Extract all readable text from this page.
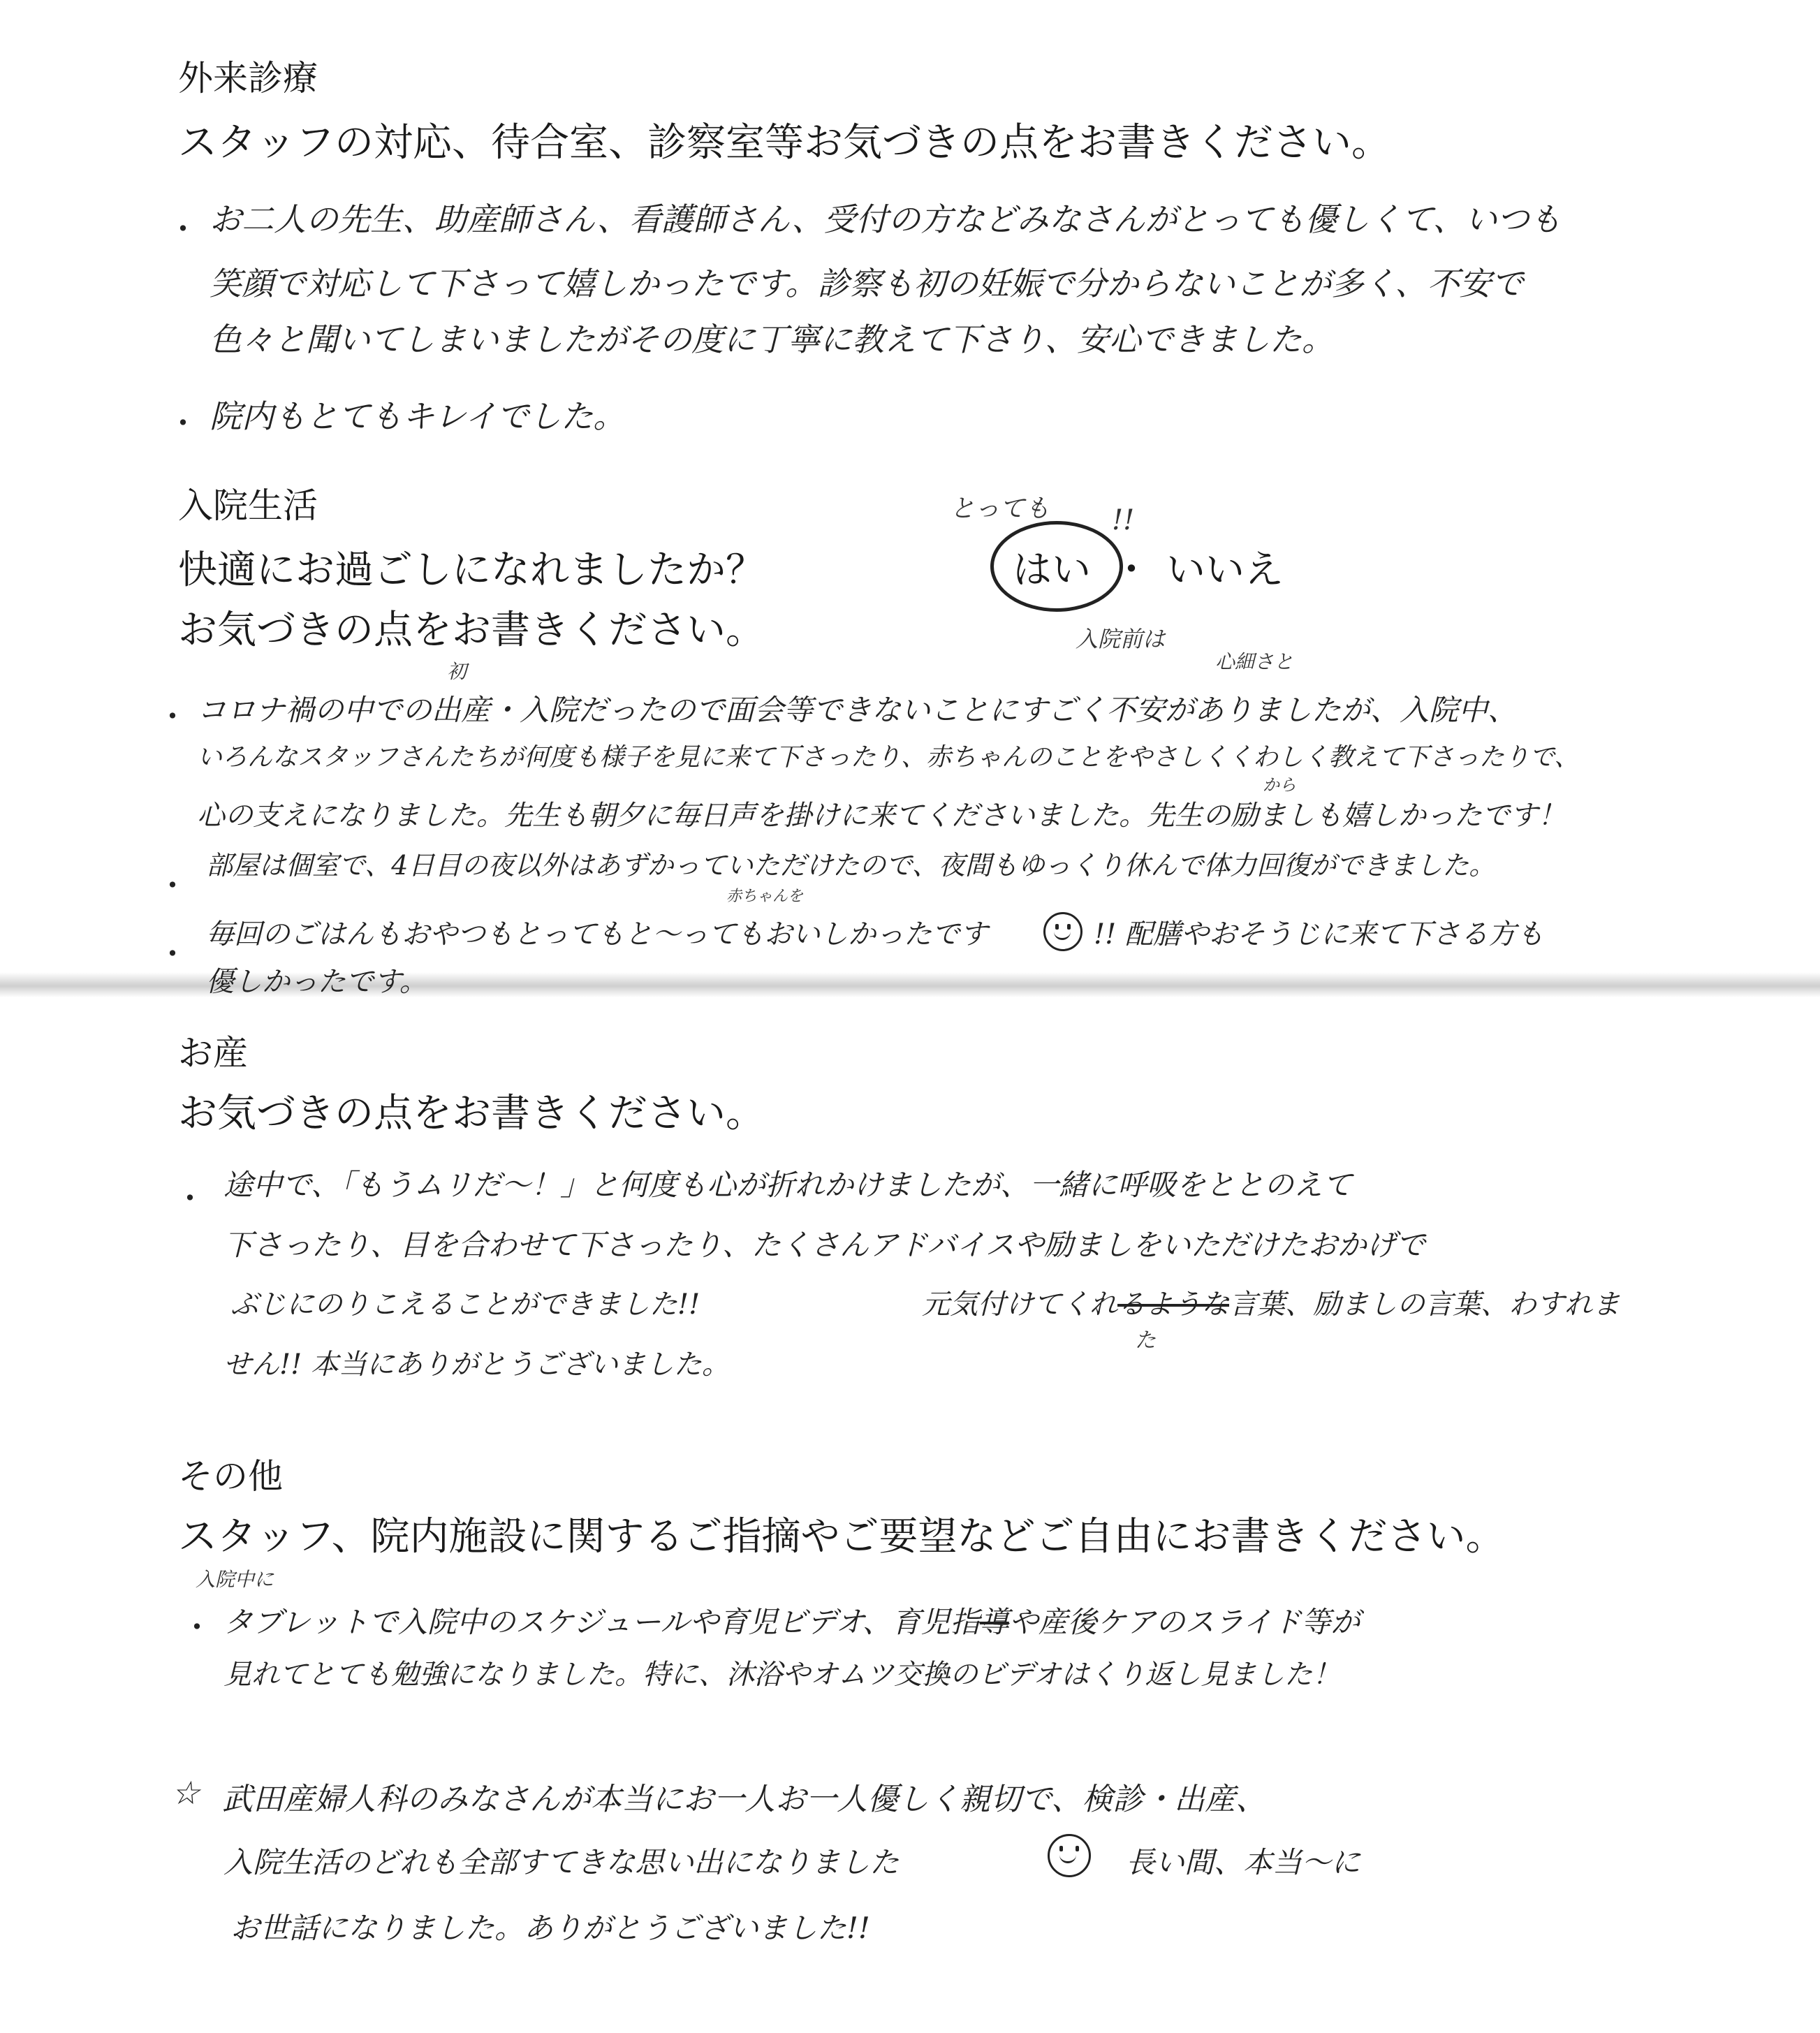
外来診療
スタッフの対応、待合室、診察室等お気づきの点をお書きください。
・ お二人の先生、助産師さん、看護師さん、受付の方などみなさんがとっても優しくて、いつも
笑顔で対応して下さって嬉しかったです。診察も初の妊娠で分からないことが多く、不安で
色々と聞いてしまいましたがその度に丁寧に教えて下さり、安心できました。
・ 院内もとてもキレイでした。
入院生活
快適にお過ごしになれましたか？
お気づきの点をお書きください。
とっても !!
はい ・ いいえ
入院前は
初	心細さと
・ コロナ禍の中での出産・入院だったので面会等できないことにすごく不安がありましたが、入院中、
いろんなスタッフさんたちが何度も様子を見に来て下さったり、赤ちゃんのことをやさしくくわしく教えて下さったりで、
から
心の支えになりました。先生も朝夕に毎日声を掛けに来てくださいました。先生の励ましも嬉しかったです！
・
部屋は個室で、4日目の夜以外はあずかっていただけたので、夜間もゆっくり休んで体力回復ができました。
赤ちゃんを
・
毎回のごはんもおやつもとってもと〜ってもおいしかったです	!! 配膳やおそうじに来て下さる方も
優しかったです。
お産
お気づきの点をお書きください。
・ 途中で、「もうムリだ〜！」と何度も心が折れかけましたが、一緒に呼吸をととのえて
下さったり、目を合わせて下さったり、たくさんアドバイスや励ましをいただけたおかげで
ぶじにのりこえることができました!!	元気付けてくれるような言葉、励ましの言葉、わすれま
た
せん!! 本当にありがとうございました。
その他
スタッフ、院内施設に関するご指摘やご要望などご自由にお書きください。
入院中に
・ タブレットで入院中のスケジュールや育児ビデオ、育児指導や産後ケアのスライド等が
見れてとても勉強になりました。特に、沐浴やオムツ交換のビデオはくり返し見ました！
☆ 武田産婦人科のみなさんが本当にお一人お一人優しく親切で、検診・出産、
入院生活のどれも全部すてきな思い出になりました	長い間、本当〜に
お世話になりました。ありがとうございました!!
